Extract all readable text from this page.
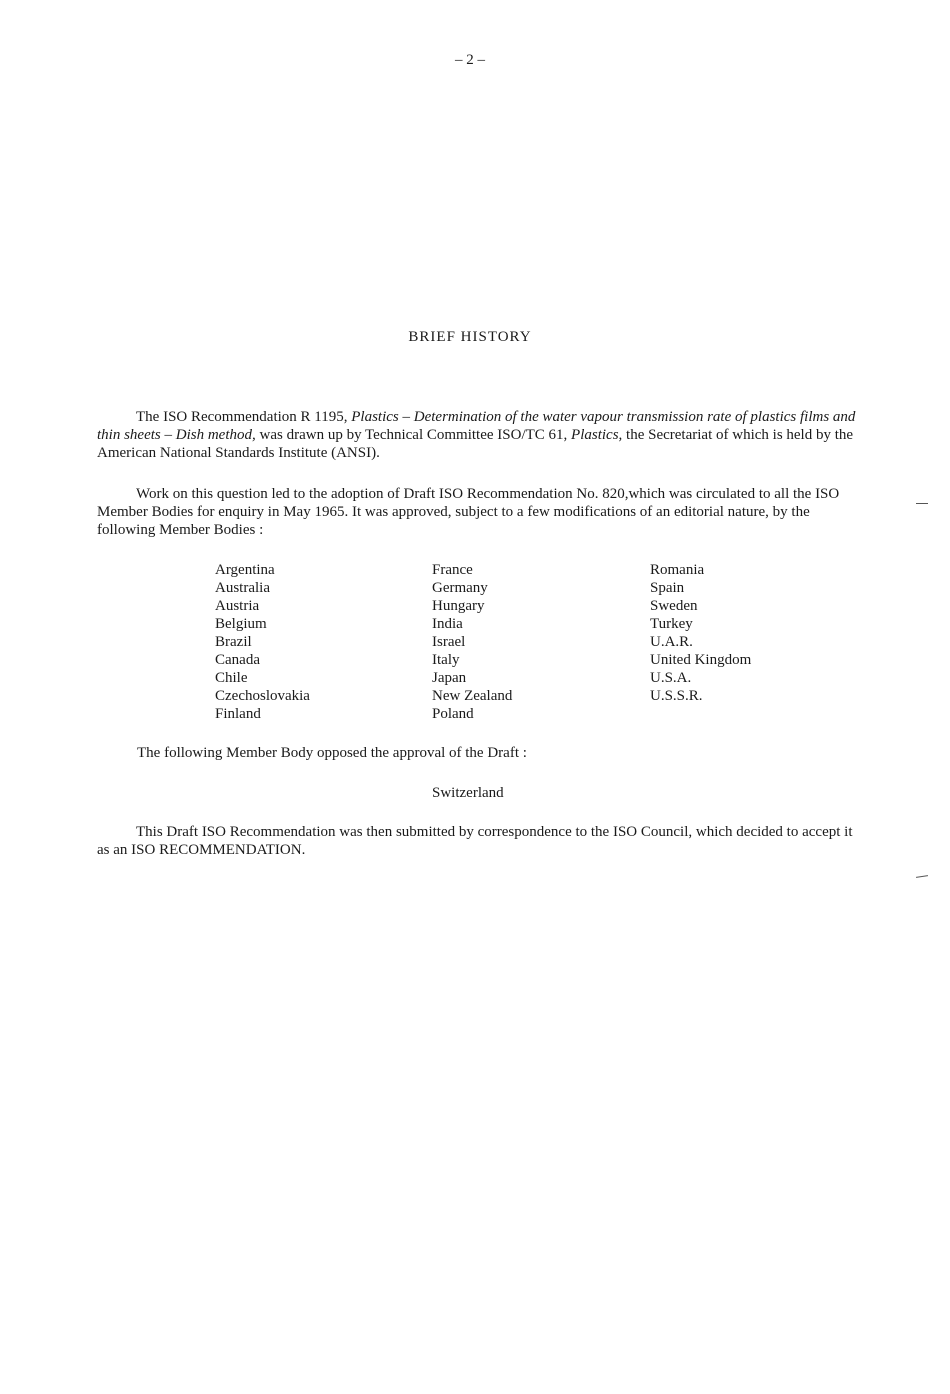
– 2 –
BRIEF HISTORY
The ISO Recommendation R 1195, Plastics – Determination of the water vapour transmission rate of plastics films and thin sheets – Dish method, was drawn up by Technical Committee ISO/TC 61, Plastics, the Secretariat of which is held by the American National Standards Institute (ANSI).
Work on this question led to the adoption of Draft ISO Recommendation No. 820,which was circulated to all the ISO Member Bodies for enquiry in May 1965. It was approved, subject to a few modifications of an editorial nature, by the following Member Bodies :
Argentina
Australia
Austria
Belgium
Brazil
Canada
Chile
Czechoslovakia
Finland
France
Germany
Hungary
India
Israel
Italy
Japan
New Zealand
Poland
Romania
Spain
Sweden
Turkey
U.A.R.
United Kingdom
U.S.A.
U.S.S.R.
The following Member Body opposed the approval of the Draft :
Switzerland
This Draft ISO Recommendation was then submitted by correspondence to the ISO Council, which decided to accept it as an ISO RECOMMENDATION.
